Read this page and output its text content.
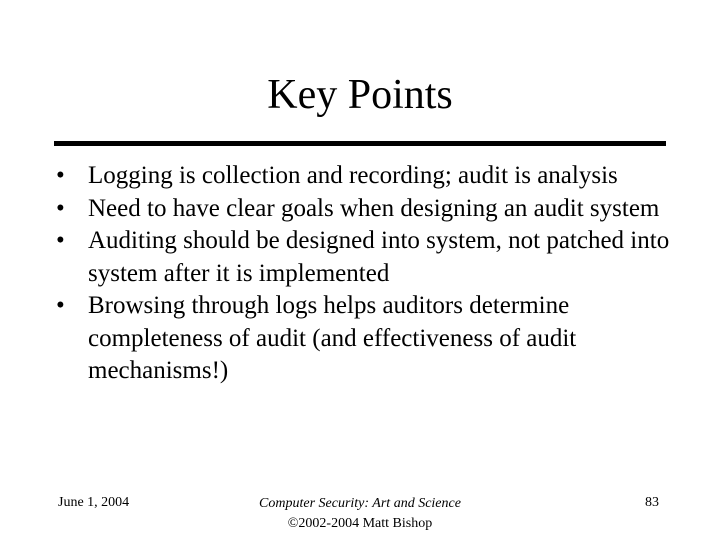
Key Points
• Logging is collection and recording; audit is analysis
• Need to have clear goals when designing an audit system
• Auditing should be designed into system, not patched into system after it is implemented
• Browsing through logs helps auditors determine completeness of audit (and effectiveness of audit mechanisms!)
June 1, 2004	Computer Security: Art and Science
©2002-2004 Matt Bishop
83
